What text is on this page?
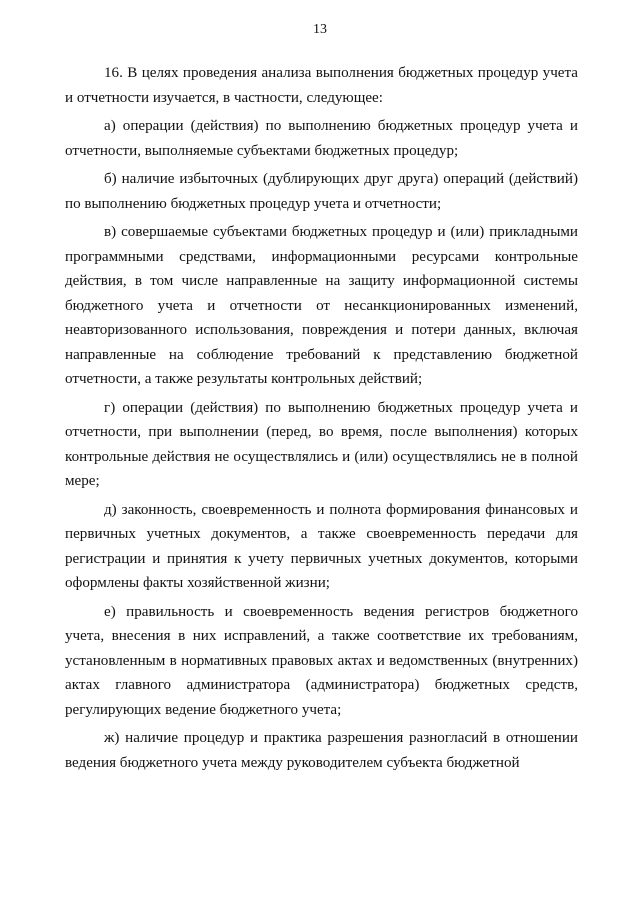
13

16. В целях проведения анализа выполнения бюджетных процедур учета и отчетности изучается, в частности, следующее:

а) операции (действия) по выполнению бюджетных процедур учета и отчетности, выполняемые субъектами бюджетных процедур;

б) наличие избыточных (дублирующих друг друга) операций (действий) по выполнению бюджетных процедур учета и отчетности;

в) совершаемые субъектами бюджетных процедур и (или) прикладными программными средствами, информационными ресурсами контрольные действия, в том числе направленные на защиту информационной системы бюджетного учета и отчетности от несанкционированных изменений, неавторизованного использования, повреждения и потери данных, включая направленные на соблюдение требований к представлению бюджетной отчетности, а также результаты контрольных действий;

г) операции (действия) по выполнению бюджетных процедур учета и отчетности, при выполнении (перед, во время, после выполнения) которых контрольные действия не осуществлялись и (или) осуществлялись не в полной мере;

д) законность, своевременность и полнота формирования финансовых и первичных учетных документов, а также своевременность передачи для регистрации и принятия к учету первичных учетных документов, которыми оформлены факты хозяйственной жизни;

е) правильность и своевременность ведения регистров бюджетного учета, внесения в них исправлений, а также соответствие их требованиям, установленным в нормативных правовых актах и ведомственных (внутренних) актах главного администратора (администратора) бюджетных средств, регулирующих ведение бюджетного учета;

ж) наличие процедур и практика разрешения разногласий в отношении ведения бюджетного учета между руководителем субъекта бюджетной
